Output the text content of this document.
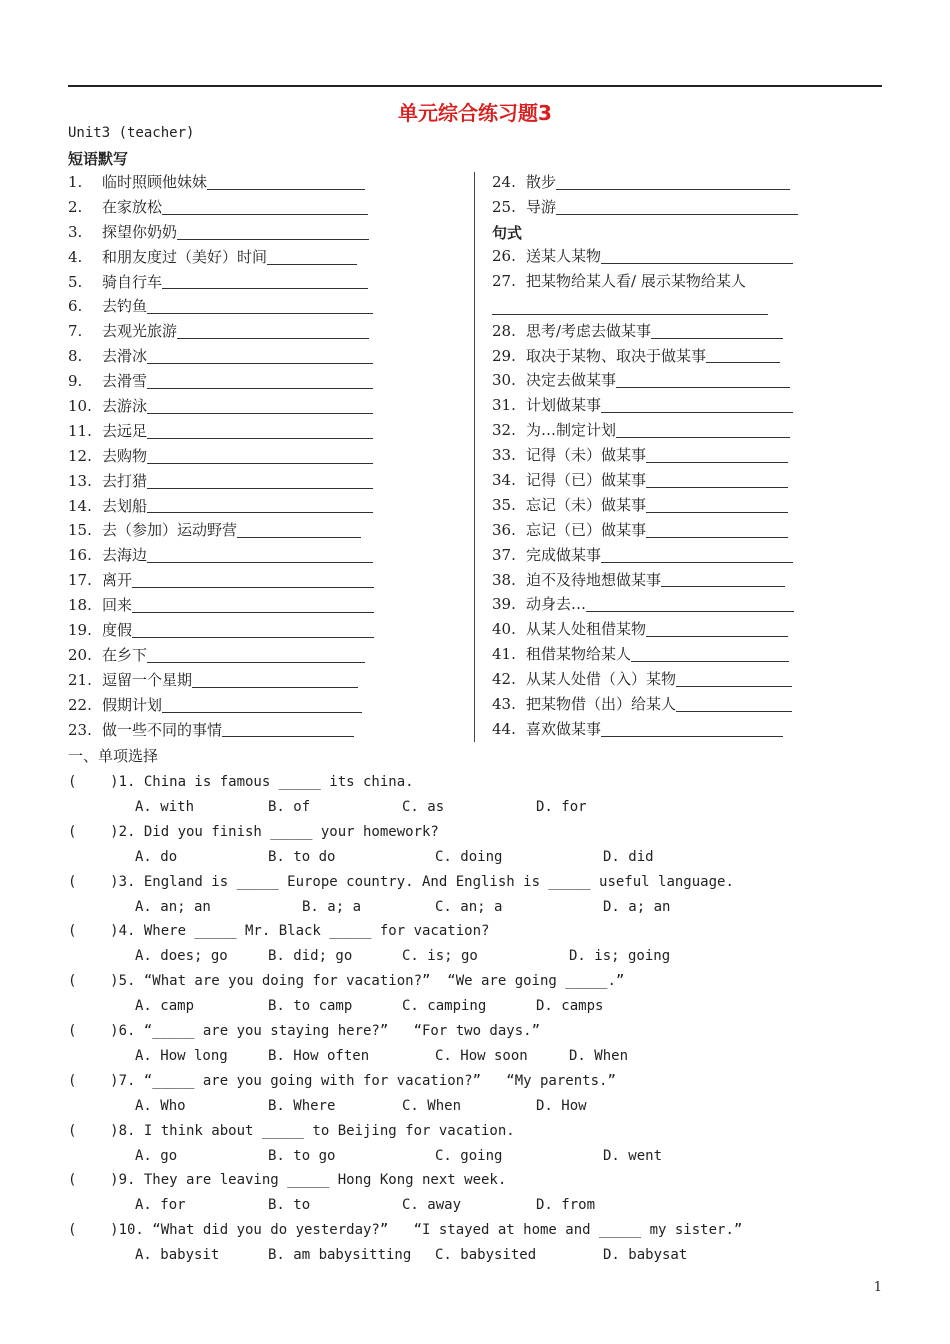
单元综合练习题3
Unit3 (teacher)
短语默写
1.	临时照顾他妹妹
2.	在家放松
3.	探望你奶奶
4.	和朋友度过（美好）时间
5.	骑自行车
6.	去钓鱼
7.	去观光旅游
8.	去滑冰
9.	去滑雪
10. 去游泳
11. 去远足
12. 去购物
13. 去打猎
14. 去划船
15. 去（参加）运动野营
16. 去海边
17. 离开
18. 回来
19. 度假
20. 在乡下
21. 逗留一个星期
22. 假期计划
23. 做一些不同的事情
24. 散步
25. 导游
句式
26. 送某人某物
27. 把某物给某人看/ 展示某物给某人
28. 思考/考虑去做某事
29. 取决于某物、取决于做某事
30. 决定去做某事
31. 计划做某事
32. 为…制定计划
33. 记得（未）做某事
34. 记得（已）做某事
35. 忘记（未）做某事
36. 忘记（已）做某事
37. 完成做某事
38. 迫不及待地想做某事
39. 动身去…
40. 从某人处租借某物
41. 租借某物给某人
42. 从某人处借（入）某物
43. 把某物借（出）给某人
44. 喜欢做某事
一、单项选择
(    )1. China is famous _____ its china.
A. with	B. of	C. as	D. for
(    )2. Did you finish _____ your homework?
A. do	B. to do	C. doing	D. did
(    )3. England is _____ Europe country. And English is _____ useful language.
A. an; an	B. a; a	C. an; a	D. a; an
(    )4. Where _____ Mr. Black _____ for vacation?
A. does; go	B. did; go	C. is; go	D. is; going
(    )5. “What are you doing for vacation?”  “We are going _____.”
A. camp	B. to camp	C. camping	D. camps
(    )6. “_____ are you staying here?”   “For two days.”
A. How long	B. How often	C. How soon	D. When
(    )7. “_____ are you going with for vacation?”   “My parents.”
A. Who	B. Where	C. When	D. How
(    )8. I think about _____ to Beijing for vacation.
A. go	B. to go	C. going	D. went
(    )9. They are leaving _____ Hong Kong next week.
A. for	B. to	C. away	D. from
(    )10. “What did you do yesterday?”   “I stayed at home and _____ my sister.”
A. babysit	B. am babysitting C. babysited	D. babysat
1
